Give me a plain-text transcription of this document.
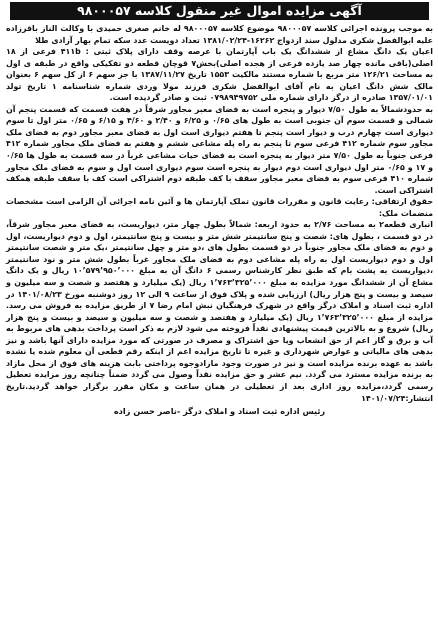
آگهی مزایده اموال غیر منقول کلاسه ۹۸۰۰۰۵۷

به موجب پرونده اجرائی کلاسه ۹۸۰۰۰۵۷ موضوع کلاسه ۹۸۰۰۰۵۷ له خانم صغری حمیدی با وکالت الناز باقرزاده علیه ابوالفضل شکری مدلول سند ازدواج ۱۶۲۶۲-۱۳۸۱/۰۲/۲۴ تعداد دویست عدد سکه تمام بهار آزادی طلا

اعیان یک دانگ مشاع از ششدانگ یک باب آپارتمان با عرصه وقف دارای پلاک ثبتی : ۴۱۱b فرعی از ۱۸ اصلی(باقی مانده چهار صد یازده فرعی از هجده اصلی)بخش۷ قوچان قطعه دو تفکیکی واقع در طبقه ی اول به مساحت ۱۲۶/۲۱ متر مربع با شماره مستند مالکیت ۱۵۵۳ تاریخ ۱۳۸۷/۱۱/۲۷ با جز سهم ۶ از کل سهم ۶ بعنوان مالک شش دانگ اعیان به نام آقای ابوالفضل شکری فرزند مولا وردی شماره شناسنامه ۱ تاریخ تولد ۱۳۵۷/۰۱/۰۱ صادره از درگز دارای شماره ملی ۰۷۹۸۹۴۹۷۵۲ ثبت و صادر گردیده است.

به حدودشمالاً به طول ۷/۵۰ دیوار و پنجره است به فضای معبر مجاور شرقاً در هفت قسمت که قسمت پنجم آن شمالی و قسمت سوم آن جنوبی است به طول های ۰/۶۵ و ۶/۲۵ و ۲/۴۰ و ۴/۶۰ و ۶/۱۵ و ۰/۶۵ متر اول تا سوم دیواری است چهارم درب و دیوار است پنجم تا هفتم دیواری است اول به فضای معبر مجاور دوم به فضای ملک مجاور سوم شماره ۴۱۲ فرعی سوم تا پنجم به راه پله مشاعی ششم و هفتم به فضای ملک مجاور شماره ۴۱۲ فرعی جنوباً به طول ۷/۵۰ متر دیوار به پنجره است به فضای حیات مشاعی غرباً در سه قسمت به طول ها ۰/۶۵ و ۱۷ و ۰/۶۵ متر اول دیواری است دوم دیوار به پنجره است سوم دیواری است اول و سوم به فضای ملک مجاور شماره ۴۱۰ فرعی سوم به فضای معبر مجاور سقف با کف طبقه دوم اشتراکی است کف با سقف طبقه همکف اشتراکی است.

حقوق ارتفاقی: رعایت قانون و مقررات قانون تملک آپارتمان ها و آئین نامه اجرائی آن الزامی است مشخصات منضمات ملک:

انباری قطعه۲ به مساحت ۲/۷۶ به حدود اربعه: شمالاً بطول چهار متر، دیواریست، به فضای معبر مجاور شرقاً، در دو قسمت ، بطول های: شصت و پنج سانتیمتر شش متر و بیست و پنج سانتیمتر، اول و دوم دیواریست، اول و دوم به فضای ملک مجاور جنوباً در دو قسمت بطول های ،دو متر و چهل سانتیمتر ،یک متر و شصت سانتیمتر اول و دوم دیواریست اول به راه پله مشاعی دوم به فضای ملک مجاور غرباً بطول شش متر و نود سانتیمتر ،دیواریست به پشت بام که طبق نظر کارشناس رسمی ۶ دانگ آن به مبلغ ۱۰٬۵۷۹٬۹۵۰٬۰۰۰ ریال و یک دانگ مشاع آن از ششدانگ مورد مزایده به مبلغ ۱٬۷۶۳٬۳۲۵٬۰۰۰ ریال (یک میلیارد و هفتصد و شصت و سه میلیون و سیصد و بیست و پنج هزار ریال) ارزیابی شده و پلاک فوق از ساعت ۹ الی ۱۲ روز دوشنبه مورخ ۱۴۰۱/۰۸/۲۳ در اداره ثبت اسناد و املاک درگز واقع در شهرک فرهنگیان نبش امام رضا ۷ از طریق مزایده به فروش می رسد. مزایده از مبلغ ۱٬۷۶۳٬۳۲۵٬۰۰۰ ریال (یک میلیارد و هفتصد و شصت و سه میلیون و سیصد و بیست و پنج هزار ریال) شروع و به بالاترین قیمت پیشنهادی نقداً فروخته می شود لازم به ذکر است پرداخت بدهی های مربوط به آب و برق و گاز اعم از حق انشعاب ویا حق اشتراک و مصرف در صورتی که مورد مزایده دارای آنها باشد و نیز بدهی های مالیاتی و عوارض شهرداری و غیره تا تاریخ مزایده اعم از اینکه رقم قطعی آن معلوم شده یا نشده باشد به عهده برنده مزایده است و نیز در صورت وجود مازادوجوه پرداختی بابت هزینه های فوق از محل مازاد به برنده مزایده مسترد می گردد. نیم عشر و حق مزایده نقداً وصول می گردد ضمناً چنانچه روز مزایده تعطیل رسمی گردد،مزایده روز اداری بعد از تعطیلی در همان ساعت و مکان مقرر برگزار خواهد گردید.تاریخ انتشار:۱۴۰۱/۰۷/۲۴

رئیس اداره ثبت اسناد و املاک درگز -ناصر حسن زاده
